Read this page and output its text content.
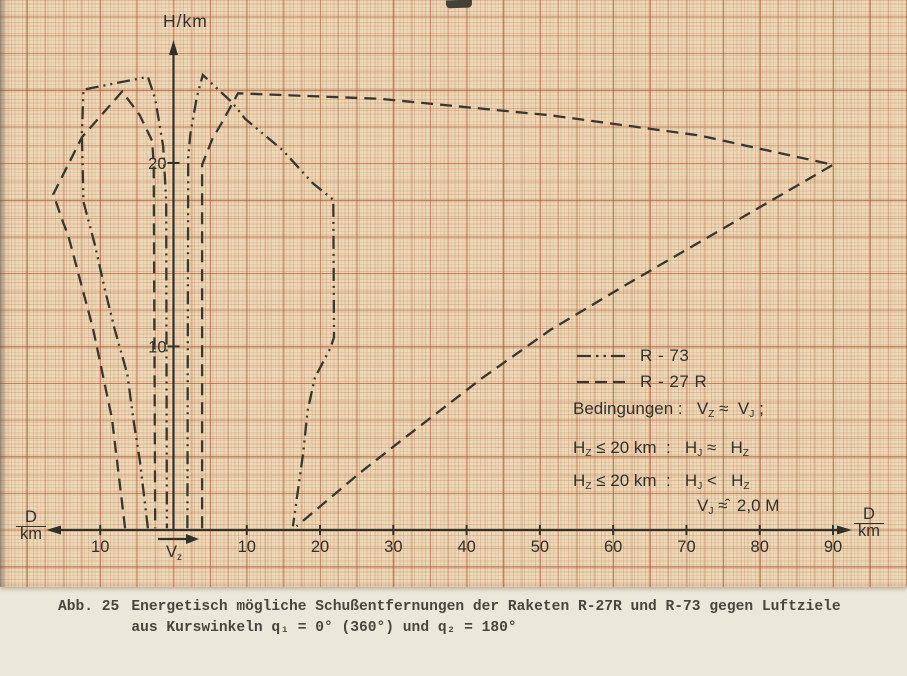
10	10	20	30	40	50	60	70	80	90
10
20
H/km
$\frac{D}{km}$	$\frac{D}{km}$
$V_z$
R - 73
R - 27 R
Bedingungen :   $V_Z \approx V_J$ ;
$H_Z \le 20$ km  :   $H_J \approx H_Z$
$H_Z \le 20$ km  :   $H_J < H_Z$
$V_J$ ≈̂  2,0 M
Abb. 25 Energetisch mögliche Schußentfernungen der Raketen R-27R und R-73 gegen Luftziele
aus Kurswinkeln q₁ = 0° (360°) und q₂ = 180°
